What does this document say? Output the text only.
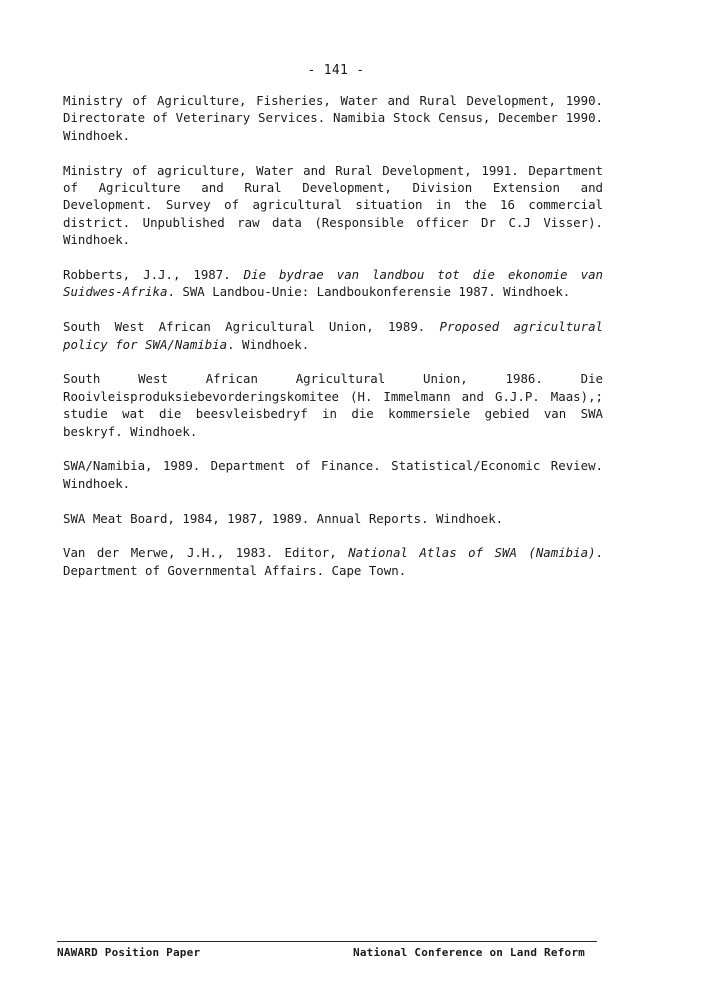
- 141 -

Ministry of Agriculture, Fisheries, Water and Rural Development, 1990. Directorate of Veterinary Services. Namibia Stock Census, December 1990. Windhoek.

Ministry of agriculture, Water and Rural Development, 1991. Department of Agriculture and Rural Development, Division Extension and Development. Survey of agricultural situation in the 16 commercial district. Unpublished raw data (Responsible officer Dr C.J Visser). Windhoek.

Robberts, J.J., 1987. Die bydrae van landbou tot die ekonomie van Suidwes-Afrika. SWA Landbou-Unie: Landboukonferensie 1987. Windhoek.

South West African Agricultural Union, 1989. Proposed agricultural policy for SWA/Namibia. Windhoek.

South West African Agricultural Union, 1986. Die Rooivleisproduksiebevorderingskomitee (H. Immelmann and G.J.P. Maas),; studie wat die beesvleisbedryf in die kommersiele gebied van SWA beskryf. Windhoek.

SWA/Namibia, 1989. Department of Finance. Statistical/Economic Review. Windhoek.

SWA Meat Board, 1984, 1987, 1989. Annual Reports. Windhoek.

Van der Merwe, J.H., 1983. Editor, National Atlas of SWA (Namibia). Department of Governmental Affairs. Cape Town.

NAWARD Position Paper	National Conference on Land Reform
